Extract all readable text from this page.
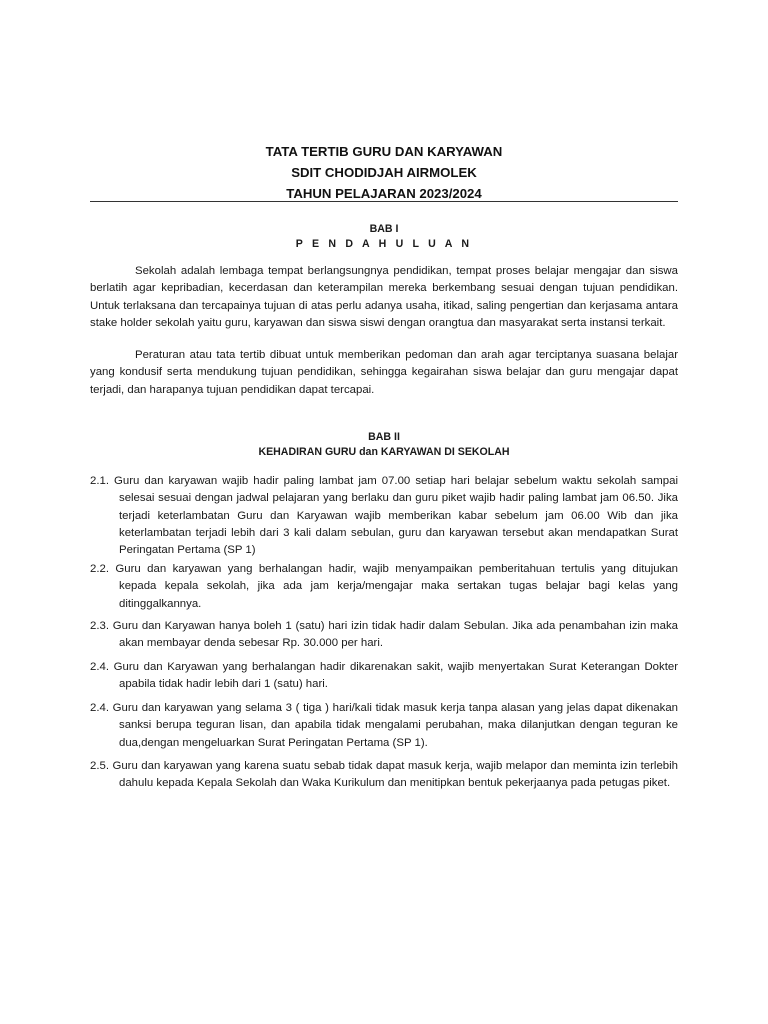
TATA TERTIB GURU DAN KARYAWAN
SDIT CHODIDJAH AIRMOLEK
TAHUN PELAJARAN 2023/2024
BAB I
P E N D A H U L U A N
Sekolah adalah lembaga tempat berlangsungnya pendidikan, tempat proses belajar mengajar dan siswa berlatih agar kepribadian, kecerdasan dan keterampilan mereka berkembang sesuai dengan tujuan pendidikan. Untuk terlaksana dan tercapainya tujuan di atas perlu adanya usaha, itikad, saling pengertian dan kerjasama antara stake holder sekolah yaitu guru, karyawan dan siswa siswi dengan orangtua dan masyarakat serta instansi terkait.
Peraturan atau tata tertib dibuat untuk memberikan pedoman dan arah agar terciptanya suasana belajar yang kondusif serta mendukung tujuan pendidikan, sehingga kegairahan siswa belajar dan guru mengajar dapat terjadi, dan harapanya tujuan pendidikan dapat tercapai.
BAB II
KEHADIRAN GURU dan KARYAWAN DI SEKOLAH
2.1. Guru dan karyawan wajib hadir paling lambat jam 07.00 setiap hari belajar sebelum waktu sekolah sampai selesai sesuai dengan jadwal pelajaran yang berlaku dan guru piket wajib hadir paling lambat jam 06.50. Jika terjadi keterlambatan Guru dan Karyawan wajib memberikan kabar sebelum jam 06.00 Wib dan jika keterlambatan terjadi lebih dari 3 kali dalam sebulan, guru dan karyawan tersebut akan mendapatkan Surat Peringatan Pertama (SP 1)
2.2. Guru dan karyawan yang berhalangan hadir, wajib menyampaikan pemberitahuan tertulis yang ditujukan kepada kepala sekolah, jika ada jam kerja/mengajar maka sertakan tugas belajar bagi kelas yang ditinggalkannya.
2.3. Guru dan Karyawan hanya boleh 1 (satu) hari izin tidak hadir dalam Sebulan. Jika ada penambahan izin maka akan membayar denda sebesar Rp. 30.000 per hari.
2.4. Guru dan Karyawan yang berhalangan hadir dikarenakan sakit, wajib menyertakan Surat Keterangan Dokter apabila tidak hadir lebih dari 1 (satu) hari.
2.4. Guru dan karyawan yang selama 3 ( tiga ) hari/kali tidak masuk kerja tanpa alasan yang jelas dapat dikenakan sanksi berupa teguran lisan, dan apabila tidak mengalami perubahan, maka dilanjutkan dengan teguran ke dua,dengan mengeluarkan Surat Peringatan Pertama (SP 1).
2.5. Guru dan karyawan yang karena suatu sebab tidak dapat masuk kerja, wajib melapor dan meminta izin terlebih dahulu kepada Kepala Sekolah dan Waka Kurikulum dan menitipkan bentuk pekerjaanya pada petugas piket.
